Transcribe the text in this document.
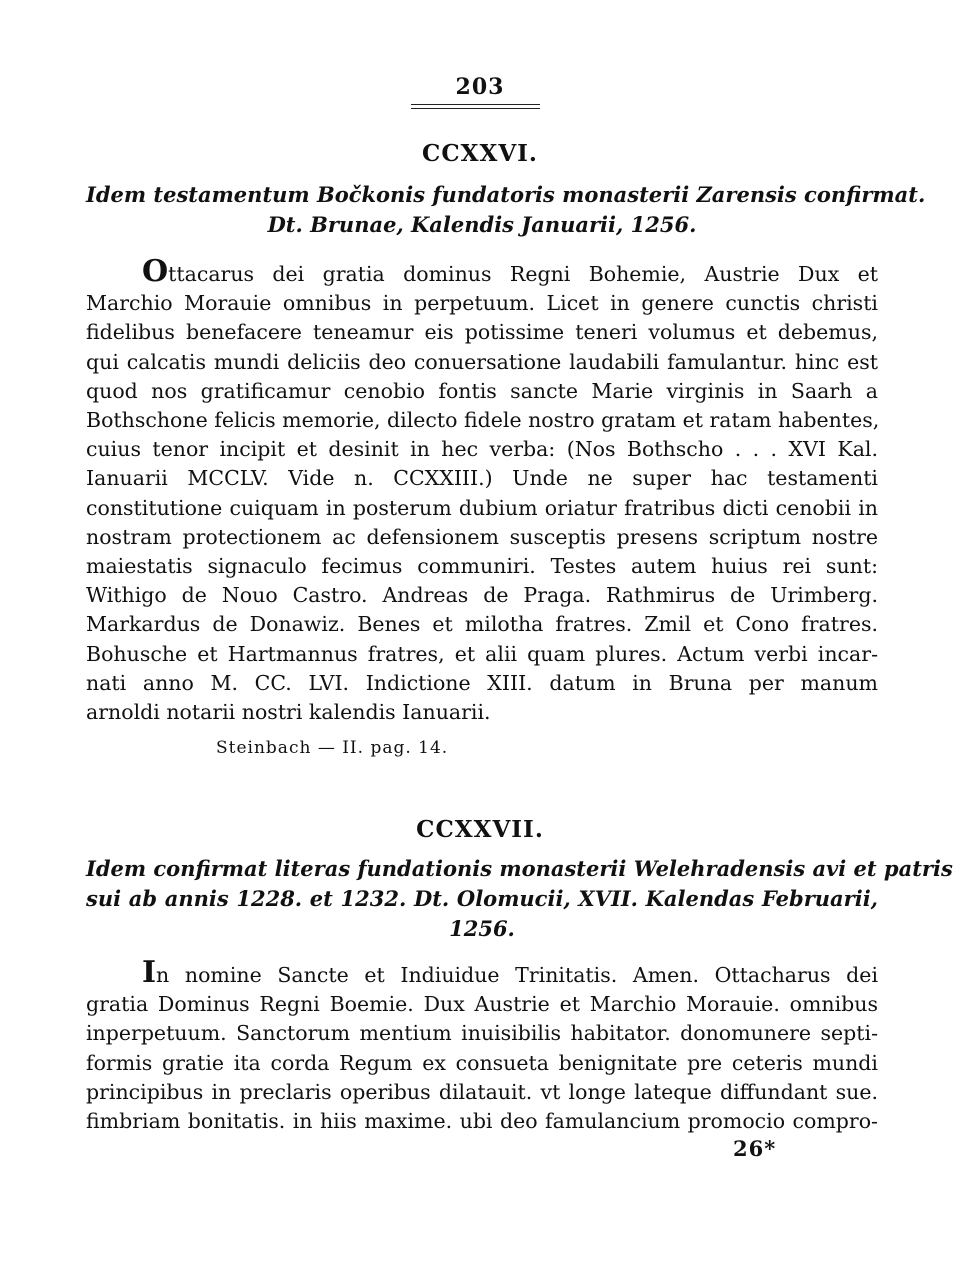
203
CCXXVI.
Idem testamentum Bočkonis fundatoris monasterii Zarensis confirmat.
Dt. Brunae, Kalendis Januarii, 1256.
Ottacarus dei gratia dominus Regni Bohemie, Austrie Dux et
Marchio Morauie omnibus in perpetuum. Licet in genere cunctis christi
fidelibus benefacere teneamur eis potissime teneri volumus et debemus,
qui calcatis mundi deliciis deo conuersatione laudabili famulantur. hinc est
quod nos gratificamur cenobio fontis sancte Marie virginis in Saarh a
Bothschone felicis memorie, dilecto fidele nostro gratam et ratam habentes,
cuius tenor incipit et desinit in hec verba: (Nos Bothscho . . . XVI Kal.
Ianuarii MCCLV. Vide n. CCXXIII.) Unde ne super hac testamenti
constitutione cuiquam in posterum dubium oriatur fratribus dicti cenobii in
nostram protectionem ac defensionem susceptis presens scriptum nostre
maiestatis signaculo fecimus communiri. Testes autem huius rei sunt:
Withigo de Nouo Castro. Andreas de Praga. Rathmirus de Urimberg.
Markardus de Donawiz. Benes et milotha fratres. Zmil et Cono fratres.
Bohusche et Hartmannus fratres, et alii quam plures. Actum verbi incar-
nati anno M. CC. LVI. Indictione XIII. datum in Bruna per manum
arnoldi notarii nostri kalendis Ianuarii.
Steinbach — II. pag. 14.
CCXXVII.
Idem confirmat literas fundationis monasterii Welehradensis avi et patris
sui ab annis 1228. et 1232. Dt. Olomucii, XVII. Kalendas Februarii,
1256.
In nomine Sancte et Indiuidue Trinitatis. Amen. Ottacharus dei
gratia Dominus Regni Boemie. Dux Austrie et Marchio Morauie. omnibus
inperpetuum. Sanctorum mentium inuisibilis habitator. donomunere septi-
formis gratie ita corda Regum ex consueta benignitate pre ceteris mundi
principibus in preclaris operibus dilatauit. vt longe lateque diffundant sue.
fimbriam bonitatis. in hiis maxime. ubi deo famulancium promocio compro-
26*
